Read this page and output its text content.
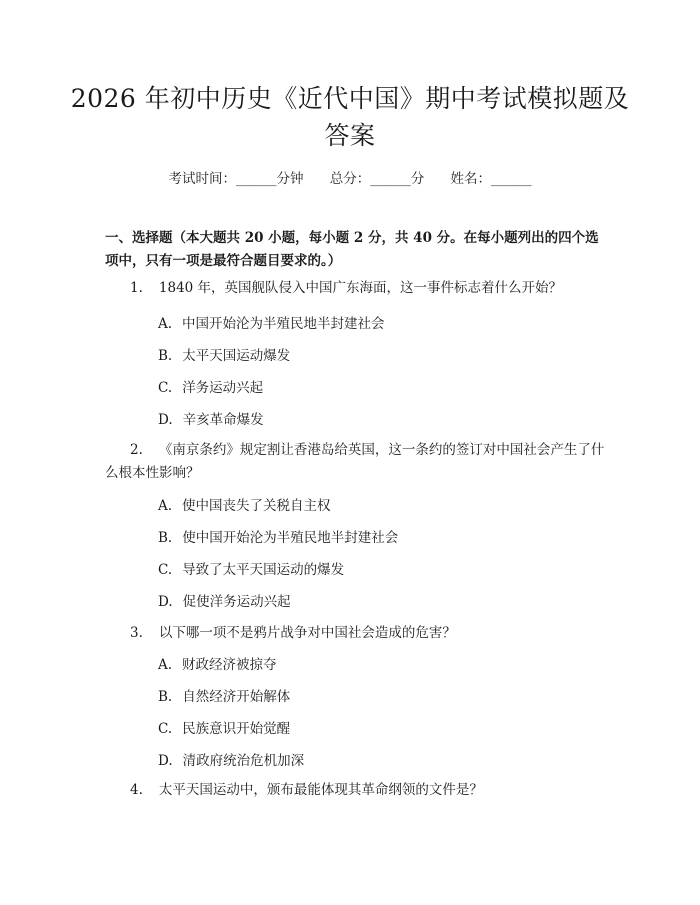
2026 年初中历史《近代中国》期中考试模拟题及答案
考试时间：______分钟 总分：______分 姓名：______
一、选择题（本大题共 20 小题，每小题 2 分，共 40 分。在每小题列出的四个选项中，只有一项是最符合题目要求的。）
1. 1840 年，英国舰队侵入中国广东海面，这一事件标志着什么开始？
A. 中国开始沦为半殖民地半封建社会
B. 太平天国运动爆发
C. 洋务运动兴起
D. 辛亥革命爆发
2. 《南京条约》规定割让香港岛给英国，这一条约的签订对中国社会产生了什么根本性影响？
A. 使中国丧失了关税自主权
B. 使中国开始沦为半殖民地半封建社会
C. 导致了太平天国运动的爆发
D. 促使洋务运动兴起
3. 以下哪一项不是鸦片战争对中国社会造成的危害？
A. 财政经济被掠夺
B. 自然经济开始解体
C. 民族意识开始觉醒
D. 清政府统治危机加深
4. 太平天国运动中，颁布最能体现其革命纲领的文件是？
